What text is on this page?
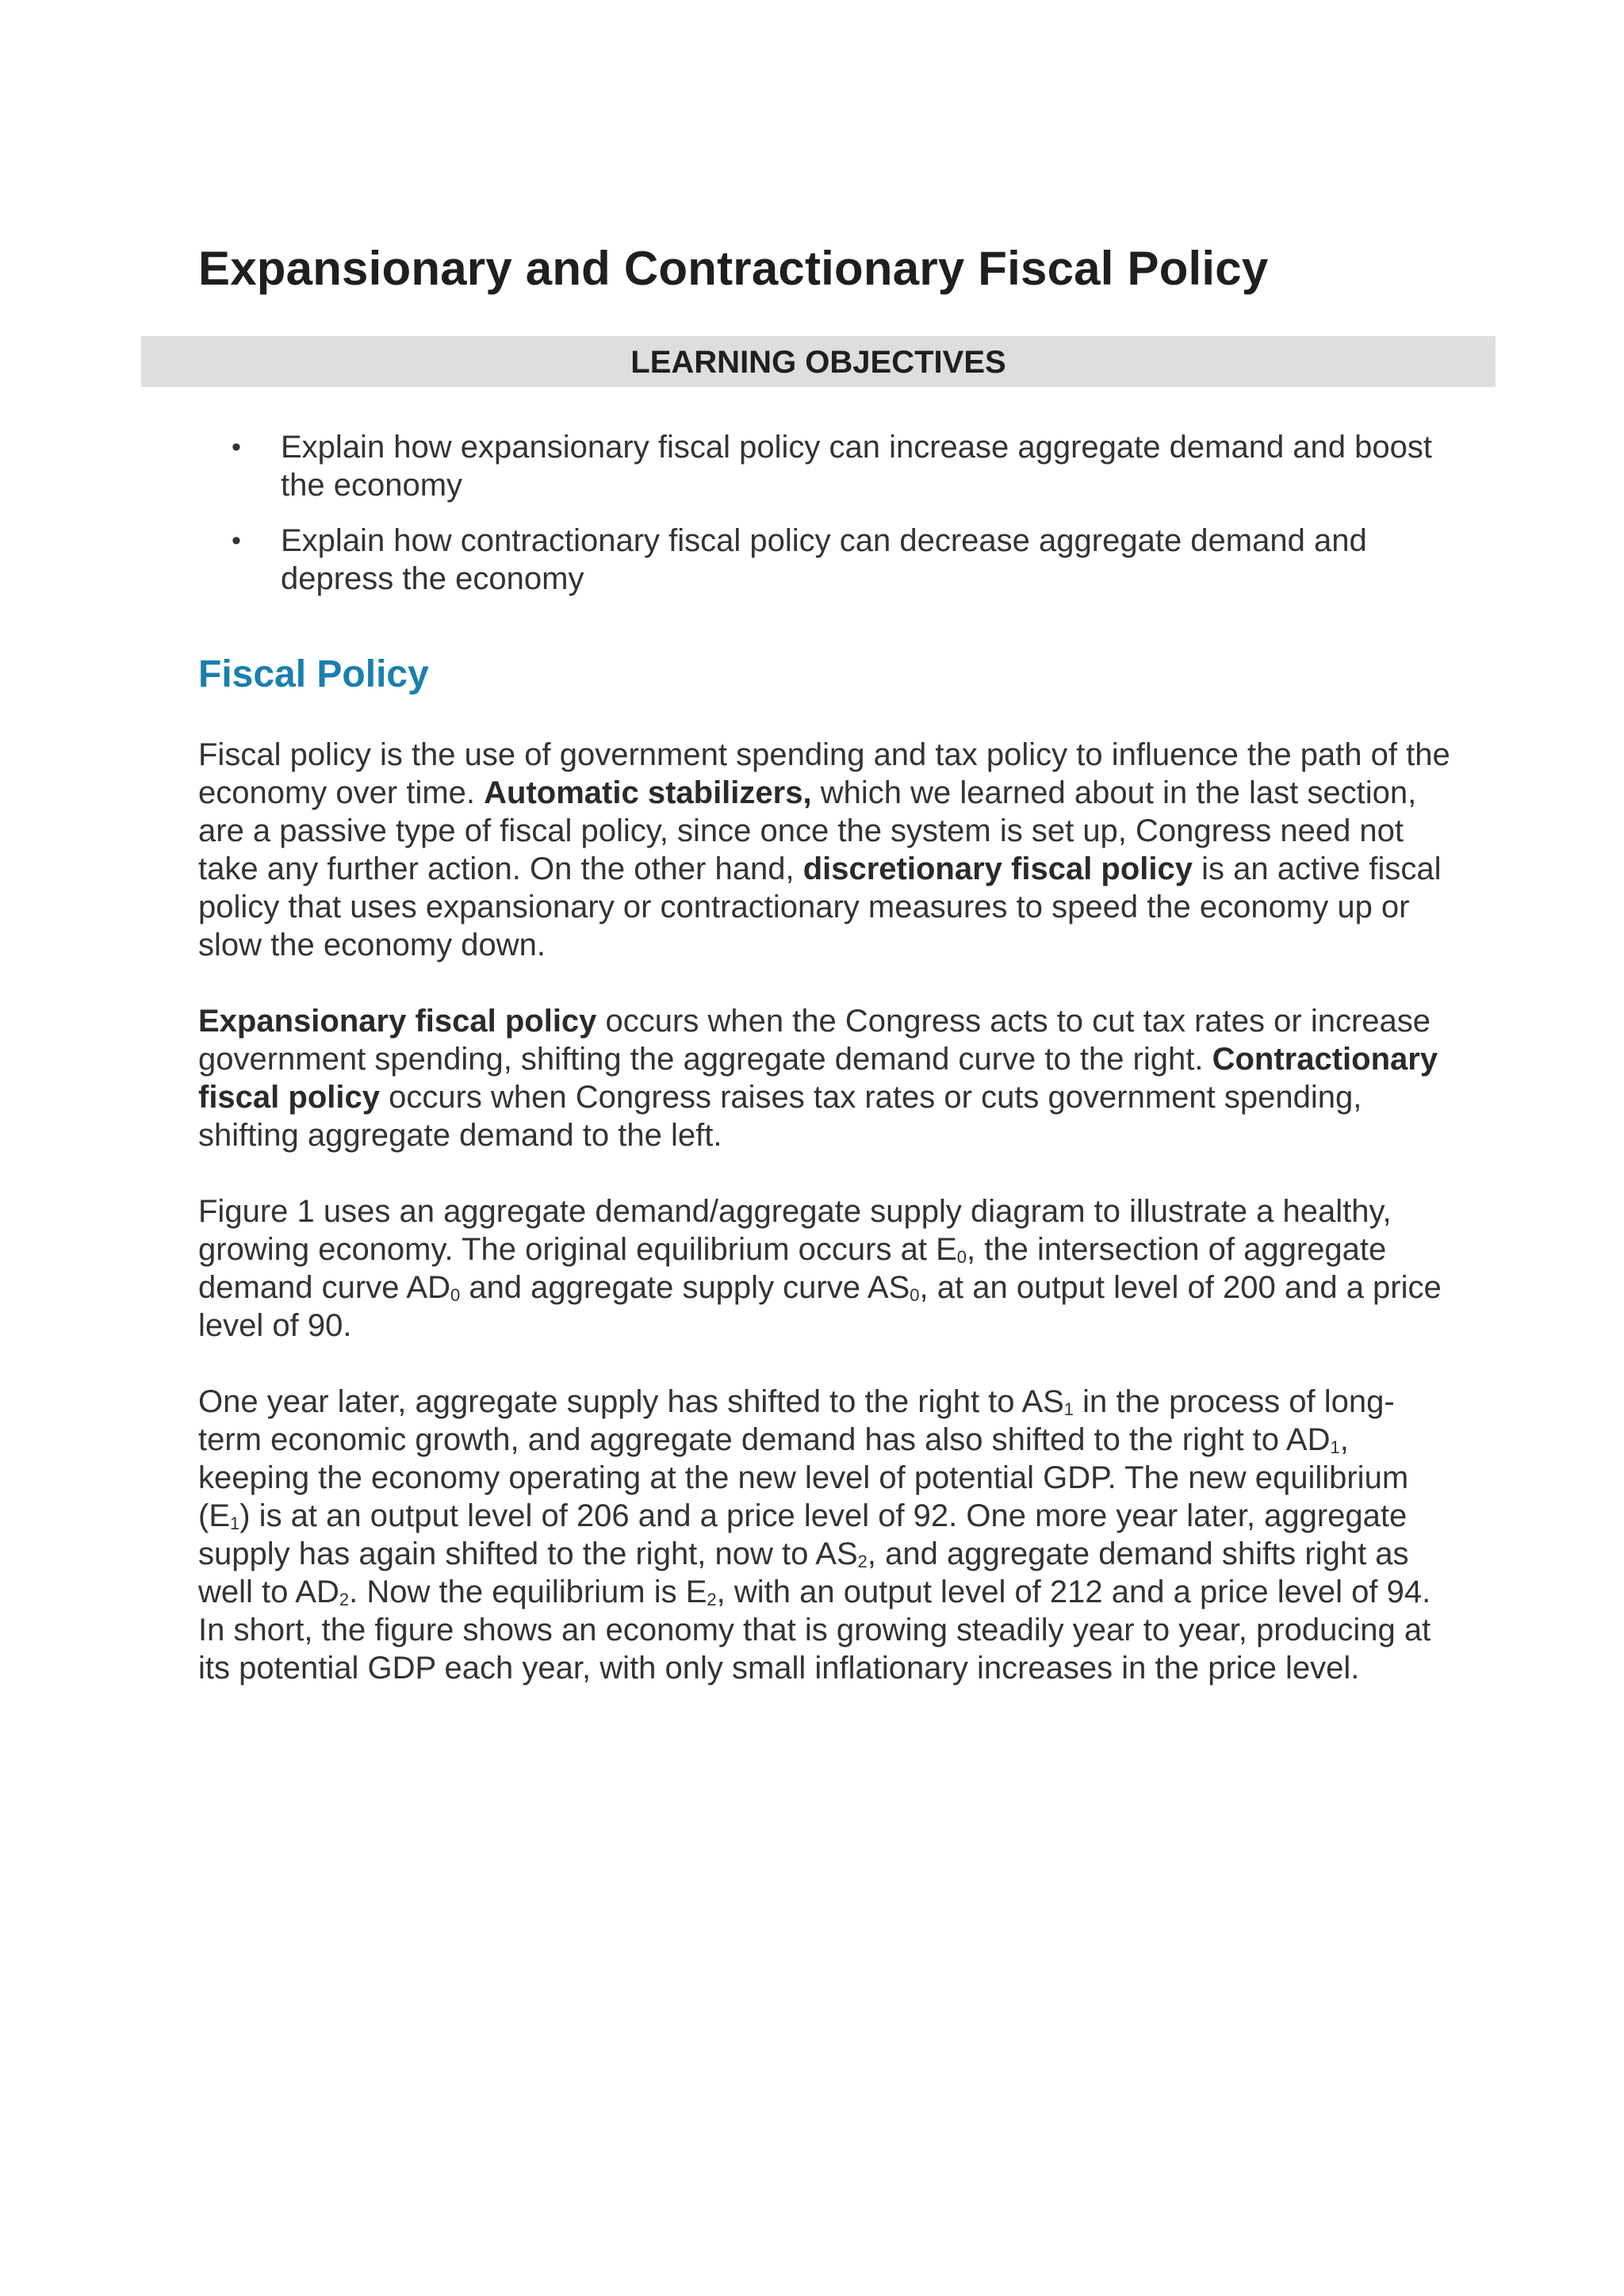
Expansionary and Contractionary Fiscal Policy
LEARNING OBJECTIVES
• Explain how expansionary fiscal policy can increase aggregate demand and boost the economy
• Explain how contractionary fiscal policy can decrease aggregate demand and depress the economy
Fiscal Policy

Fiscal policy is the use of government spending and tax policy to influence the path of the economy over time. Automatic stabilizers, which we learned about in the last section, are a passive type of fiscal policy, since once the system is set up, Congress need not take any further action. On the other hand, discretionary fiscal policy is an active fiscal policy that uses expansionary or contractionary measures to speed the economy up or slow the economy down.

Expansionary fiscal policy occurs when the Congress acts to cut tax rates or increase government spending, shifting the aggregate demand curve to the right. Contractionary fiscal policy occurs when Congress raises tax rates or cuts government spending, shifting aggregate demand to the left.

Figure 1 uses an aggregate demand/aggregate supply diagram to illustrate a healthy, growing economy. The original equilibrium occurs at $E_0$, the intersection of aggregate demand curve $AD_0$ and aggregate supply curve $AS_0$, at an output level of 200 and a price level of 90.

One year later, aggregate supply has shifted to the right to $AS_1$ in the process of long-term economic growth, and aggregate demand has also shifted to the right to $AD_1$, keeping the economy operating at the new level of potential GDP. The new equilibrium $(E_1)$ is at an output level of 206 and a price level of 92. One more year later, aggregate supply has again shifted to the right, now to $AS_2$, and aggregate demand shifts right as well to $AD_2$. Now the equilibrium is $E_2$, with an output level of 212 and a price level of 94. In short, the figure shows an economy that is growing steadily year to year, producing at its potential GDP each year, with only small inflationary increases in the price level.
